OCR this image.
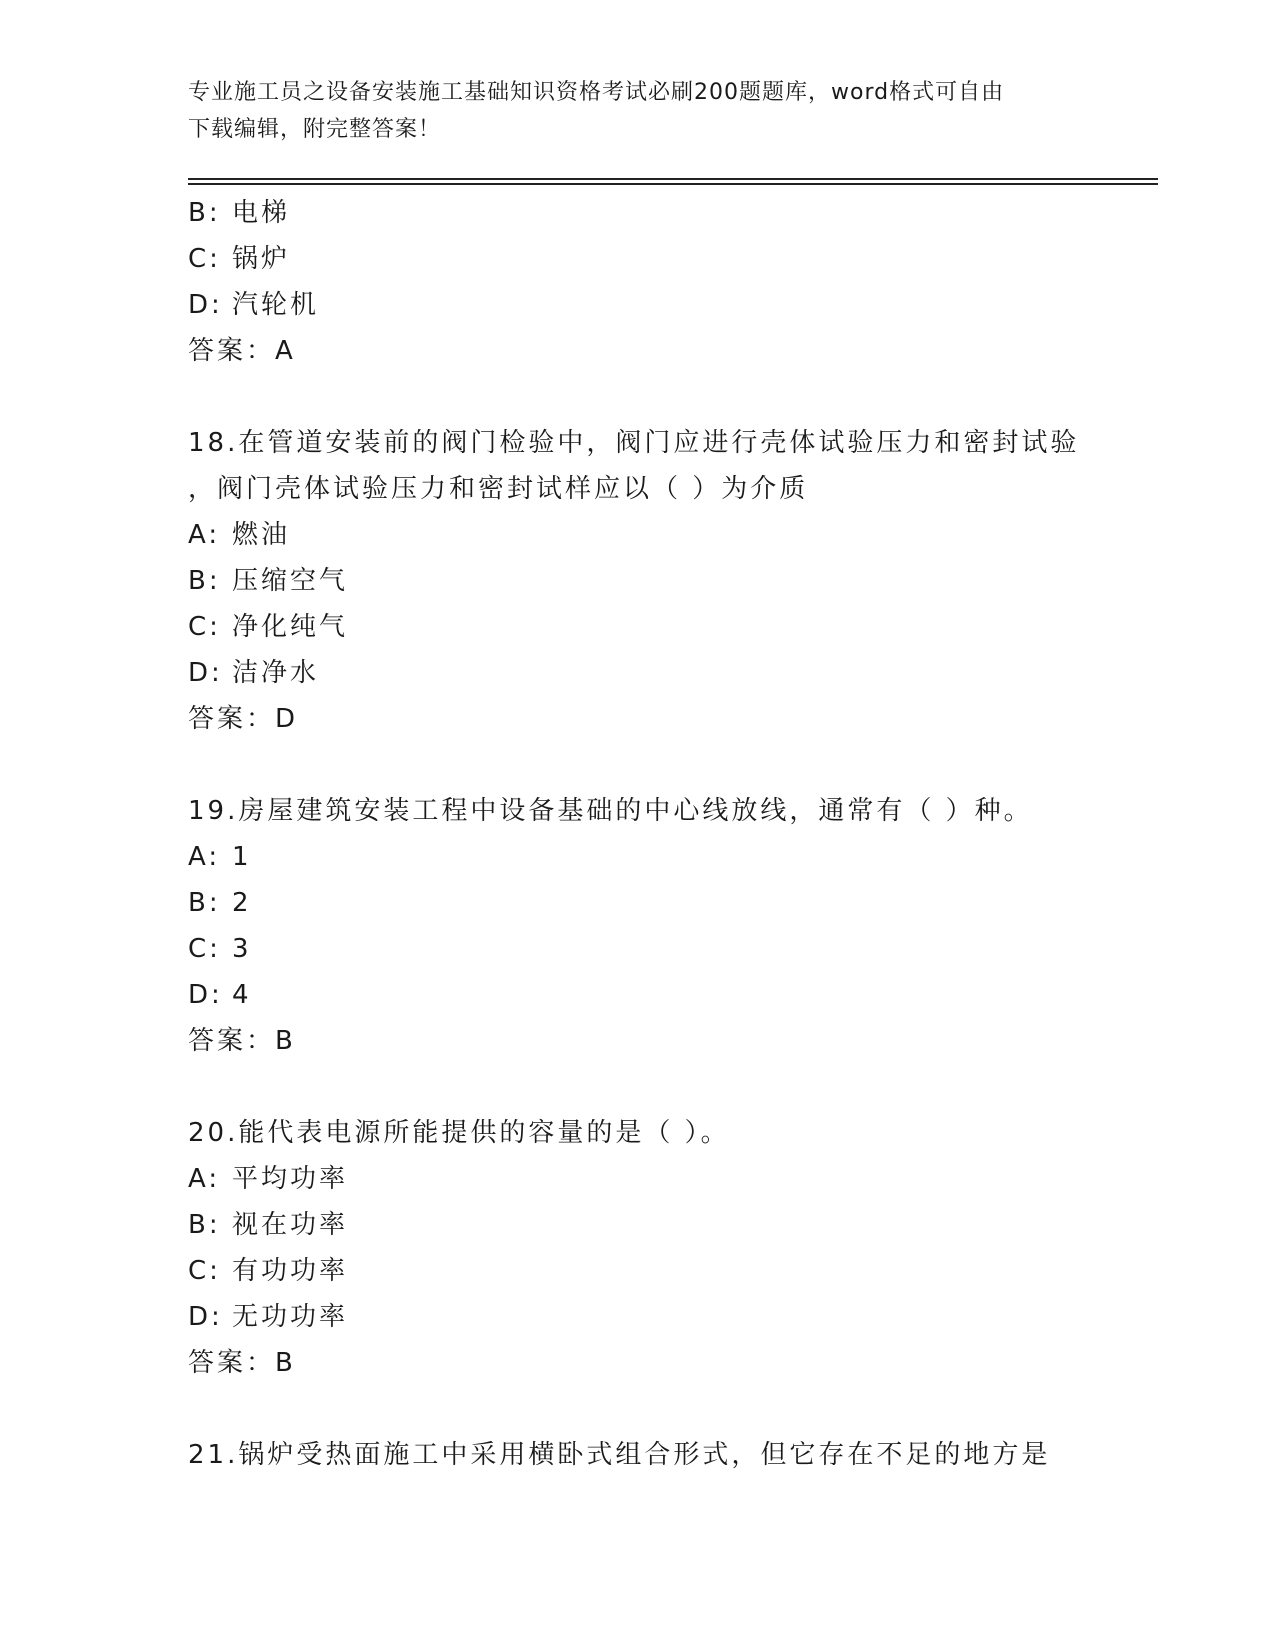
专业施工员之设备安装施工基础知识资格考试必刷200题题库，word格式可自由
下载编辑，附完整答案！
B: 电梯
C: 锅炉
D: 汽轮机
答案：A
18.在管道安装前的阀门检验中，阀门应进行壳体试验压力和密封试验
，阀门壳体试验压力和密封试样应以（ ）为介质
A: 燃油
B: 压缩空气
C: 净化纯气
D: 洁净水
答案：D
19.房屋建筑安装工程中设备基础的中心线放线，通常有（ ）种。
A: 1
B: 2
C: 3
D: 4
答案：B
20.能代表电源所能提供的容量的是（ ）。
A: 平均功率
B: 视在功率
C: 有功功率
D: 无功功率
答案：B
21.锅炉受热面施工中采用横卧式组合形式，但它存在不足的地方是
